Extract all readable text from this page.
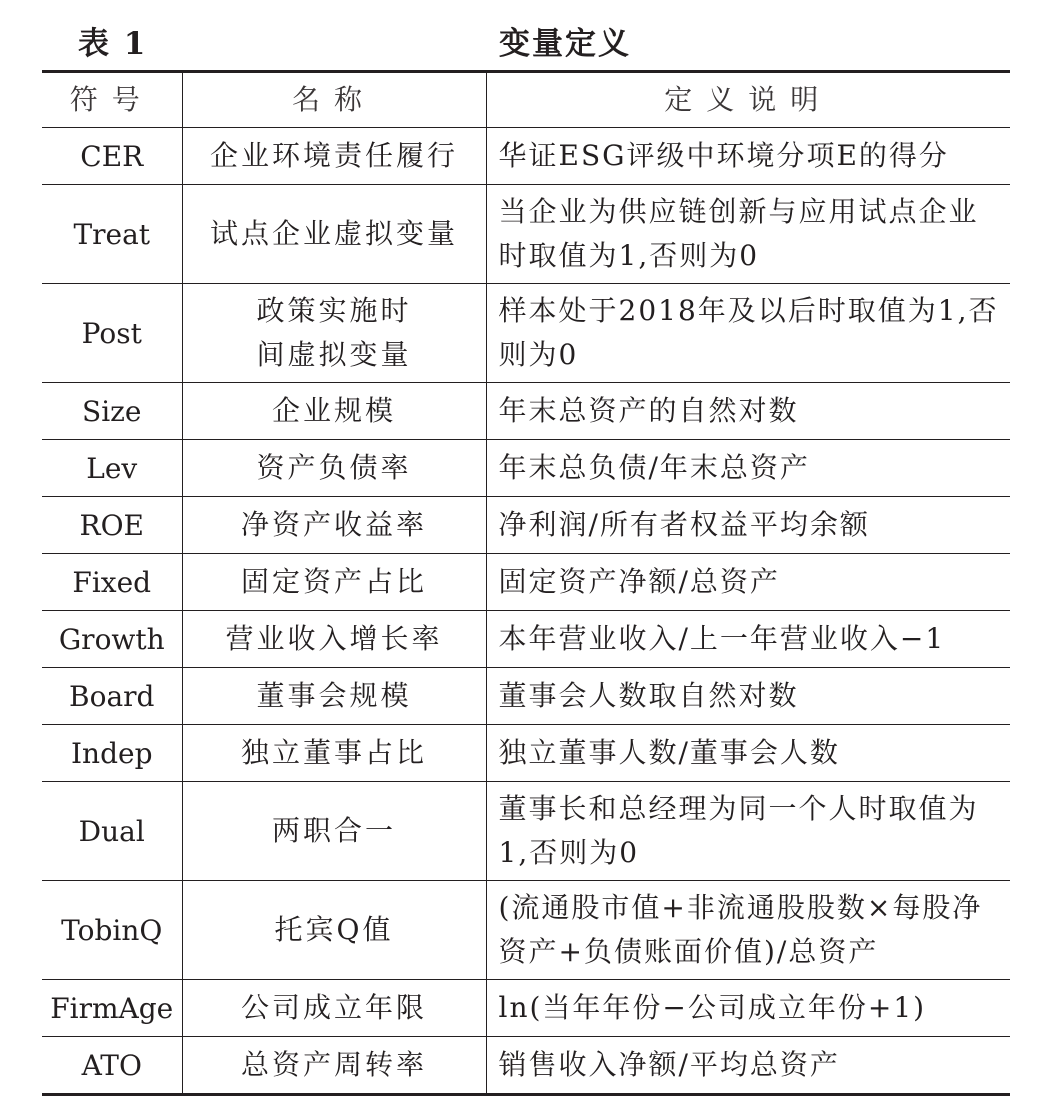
表 1	变量定义
符号	名称	定义说明
CER	企业环境责任履行	华证ESG评级中环境分项E的得分
Treat	试点企业虚拟变量	当企业为供应链创新与应用试点企业时取值为1,否则为0
Post	政策实施时间虚拟变量	样本处于2018年及以后时取值为1,否则为0
Size	企业规模	年末总资产的自然对数
Lev	资产负债率	年末总负债/年末总资产
ROE	净资产收益率	净利润/所有者权益平均余额
Fixed	固定资产占比	固定资产净额/总资产
Growth	营业收入增长率	本年营业收入/上一年营业收入−1
Board	董事会规模	董事会人数取自然对数
Indep	独立董事占比	独立董事人数/董事会人数
Dual	两职合一	董事长和总经理为同一个人时取值为1,否则为0
TobinQ	托宾Q值	(流通股市值+非流通股股数×每股净资产+负债账面价值)/总资产
FirmAge	公司成立年限	ln(当年年份−公司成立年份+1)
ATO	总资产周转率	销售收入净额/平均总资产
